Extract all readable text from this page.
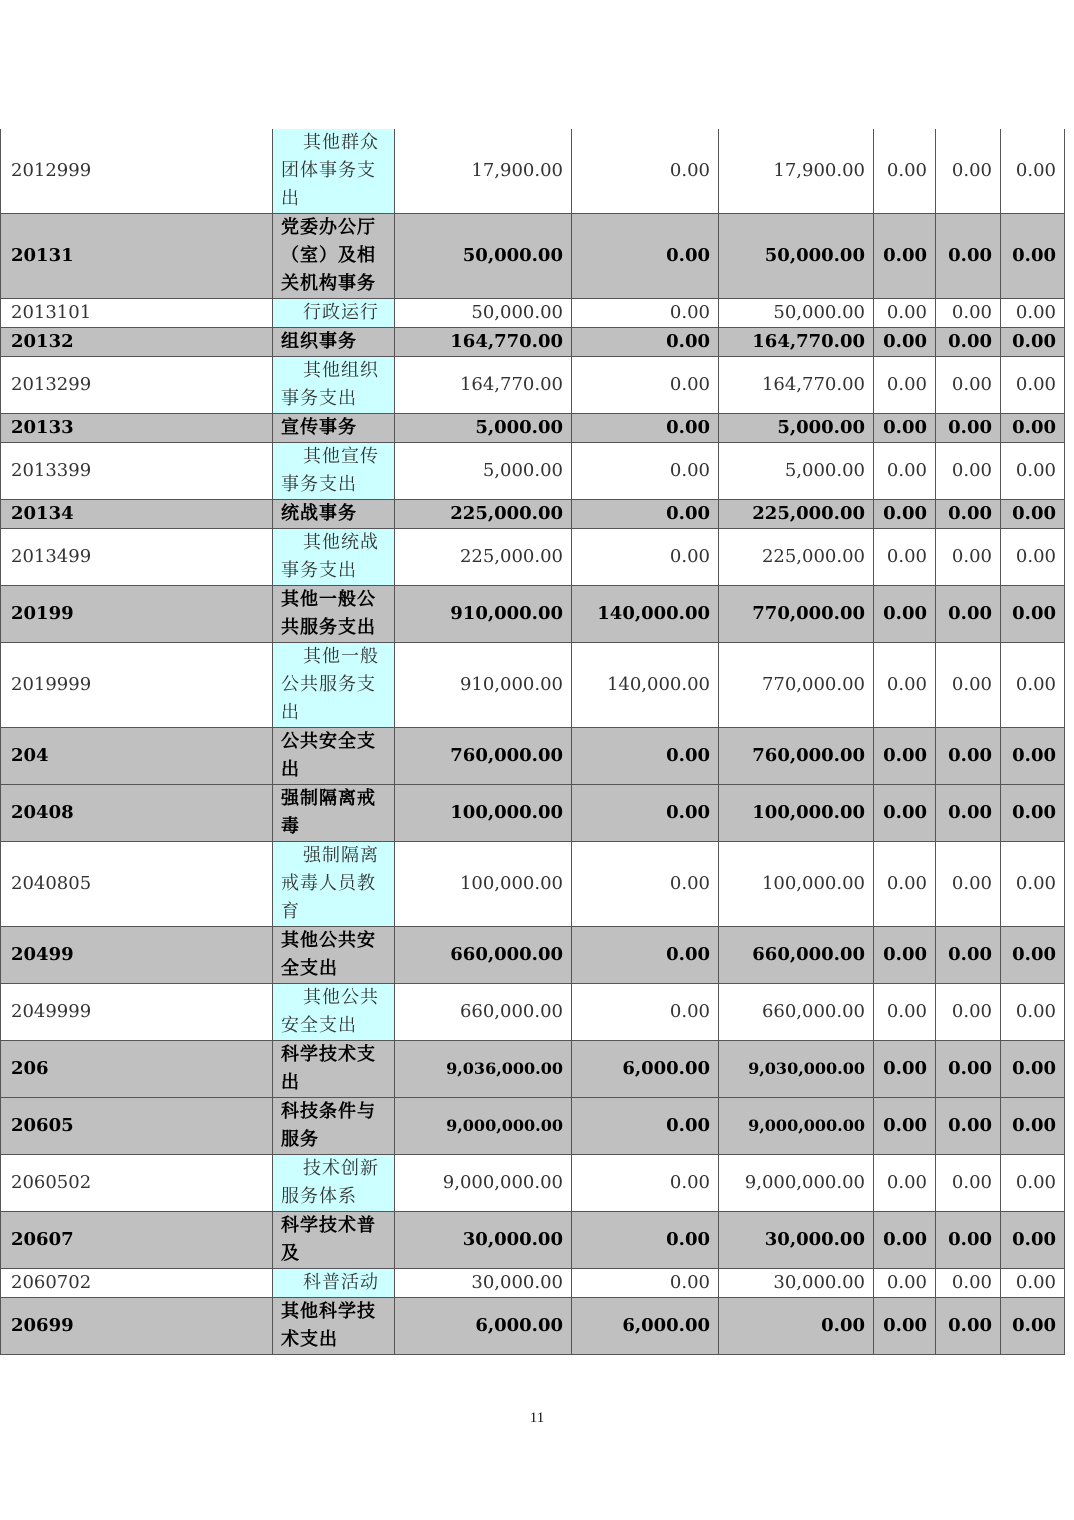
2012999	其他群众
团体事务支
出	17,900.00	0.00	17,900.00	0.00	0.00	0.00
20131	党委办公厅
（室）及相
关机构事务	50,000.00	0.00	50,000.00	0.00	0.00	0.00
2013101	行政运行	50,000.00	0.00	50,000.00	0.00	0.00	0.00
20132	组织事务	164,770.00	0.00	164,770.00	0.00	0.00	0.00
2013299	其他组织
事务支出	164,770.00	0.00	164,770.00	0.00	0.00	0.00
20133	宣传事务	5,000.00	0.00	5,000.00	0.00	0.00	0.00
2013399	其他宣传
事务支出	5,000.00	0.00	5,000.00	0.00	0.00	0.00
20134	统战事务	225,000.00	0.00	225,000.00	0.00	0.00	0.00
2013499	其他统战
事务支出	225,000.00	0.00	225,000.00	0.00	0.00	0.00
20199	其他一般公
共服务支出	910,000.00	140,000.00	770,000.00	0.00	0.00	0.00
2019999	其他一般
公共服务支
出	910,000.00	140,000.00	770,000.00	0.00	0.00	0.00
204	公共安全支
出	760,000.00	0.00	760,000.00	0.00	0.00	0.00
20408	强制隔离戒
毒	100,000.00	0.00	100,000.00	0.00	0.00	0.00
2040805	强制隔离
戒毒人员教
育	100,000.00	0.00	100,000.00	0.00	0.00	0.00
20499	其他公共安
全支出	660,000.00	0.00	660,000.00	0.00	0.00	0.00
2049999	其他公共
安全支出	660,000.00	0.00	660,000.00	0.00	0.00	0.00
206	科学技术支
出	9,036,000.00	6,000.00	9,030,000.00	0.00	0.00	0.00
20605	科技条件与
服务	9,000,000.00	0.00	9,000,000.00	0.00	0.00	0.00
2060502	技术创新
服务体系	9,000,000.00	0.00	9,000,000.00	0.00	0.00	0.00
20607	科学技术普
及	30,000.00	0.00	30,000.00	0.00	0.00	0.00
2060702	科普活动	30,000.00	0.00	30,000.00	0.00	0.00	0.00
20699	其他科学技
术支出	6,000.00	6,000.00	0.00	0.00	0.00	0.00
11
